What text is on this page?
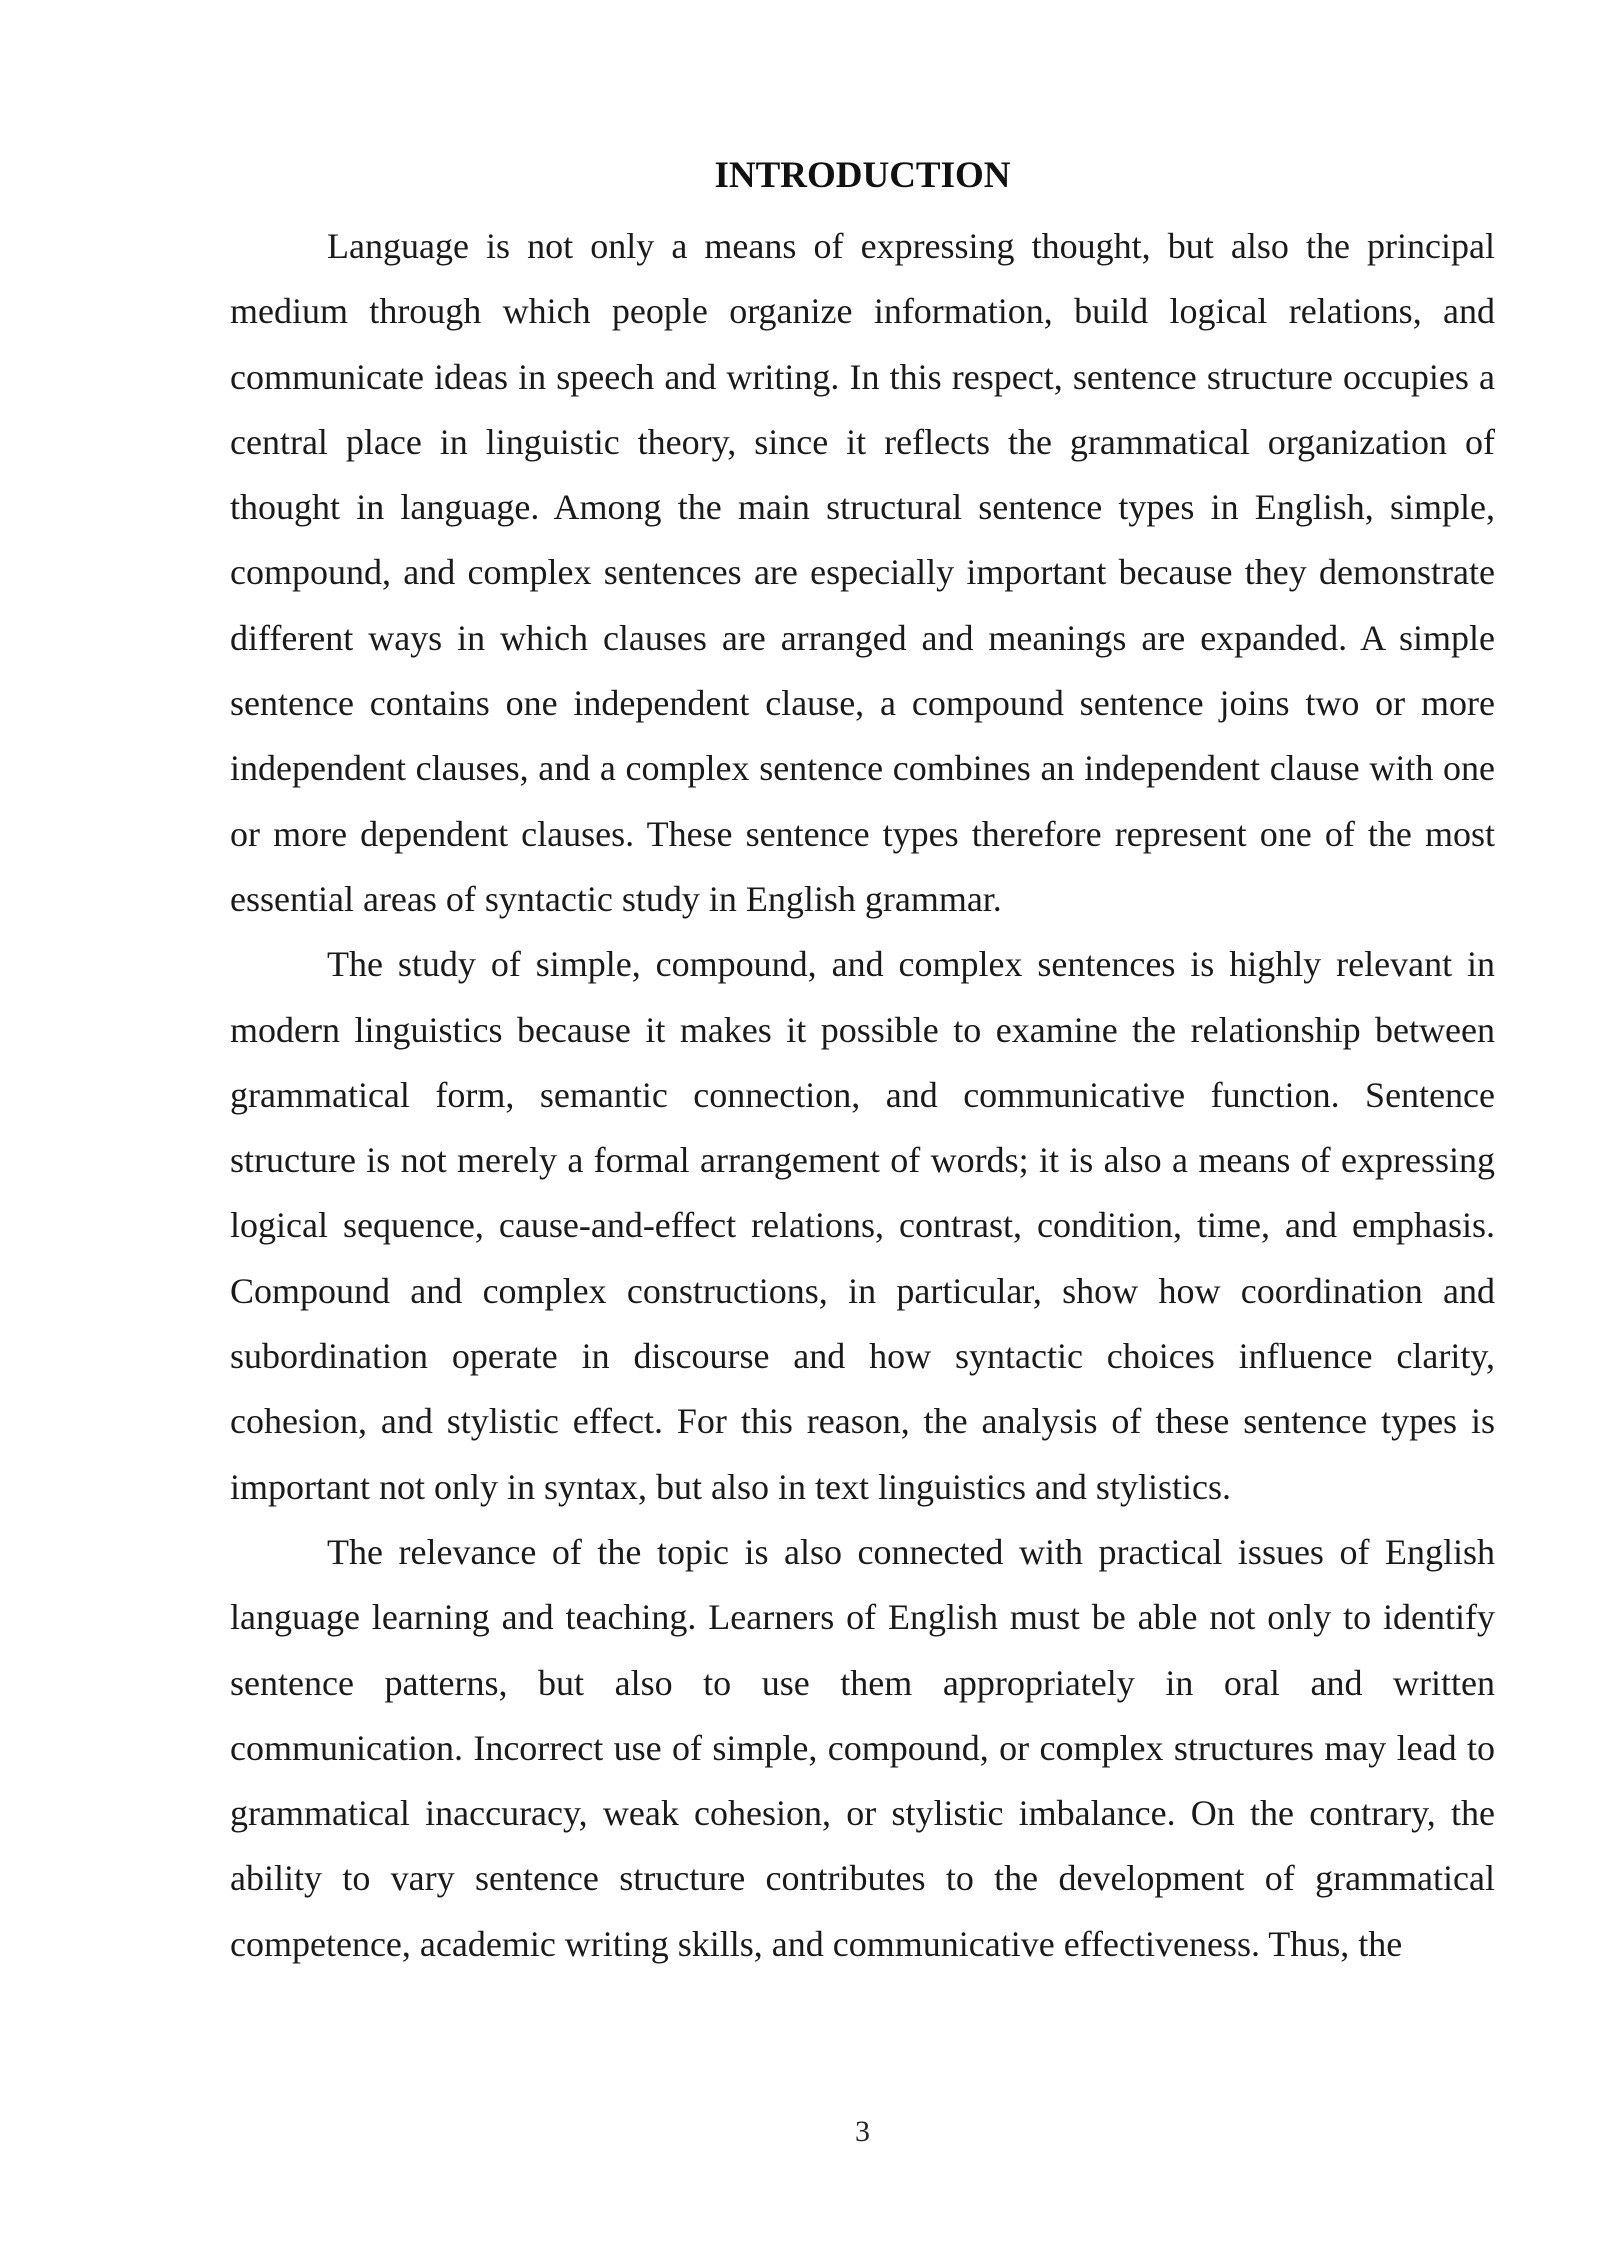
INTRODUCTION

Language is not only a means of expressing thought, but also the principal medium through which people organize information, build logical relations, and communicate ideas in speech and writing. In this respect, sentence structure occupies a central place in linguistic theory, since it reflects the grammatical organization of thought in language. Among the main structural sentence types in English, simple, compound, and complex sentences are especially important because they demonstrate different ways in which clauses are arranged and meanings are expanded. A simple sentence contains one independent clause, a compound sentence joins two or more independent clauses, and a complex sentence combines an independent clause with one or more dependent clauses. These sentence types therefore represent one of the most essential areas of syntactic study in English grammar.

The study of simple, compound, and complex sentences is highly relevant in modern linguistics because it makes it possible to examine the relationship between grammatical form, semantic connection, and communicative function. Sentence structure is not merely a formal arrangement of words; it is also a means of expressing logical sequence, cause-and-effect relations, contrast, condition, time, and emphasis. Compound and complex constructions, in particular, show how coordination and subordination operate in discourse and how syntactic choices influence clarity, cohesion, and stylistic effect. For this reason, the analysis of these sentence types is important not only in syntax, but also in text linguistics and stylistics.

The relevance of the topic is also connected with practical issues of English language learning and teaching. Learners of English must be able not only to identify sentence patterns, but also to use them appropriately in oral and written communication. Incorrect use of simple, compound, or complex structures may lead to grammatical inaccuracy, weak cohesion, or stylistic imbalance. On the contrary, the ability to vary sentence structure contributes to the development of grammatical competence, academic writing skills, and communicative effectiveness. Thus, the

3
